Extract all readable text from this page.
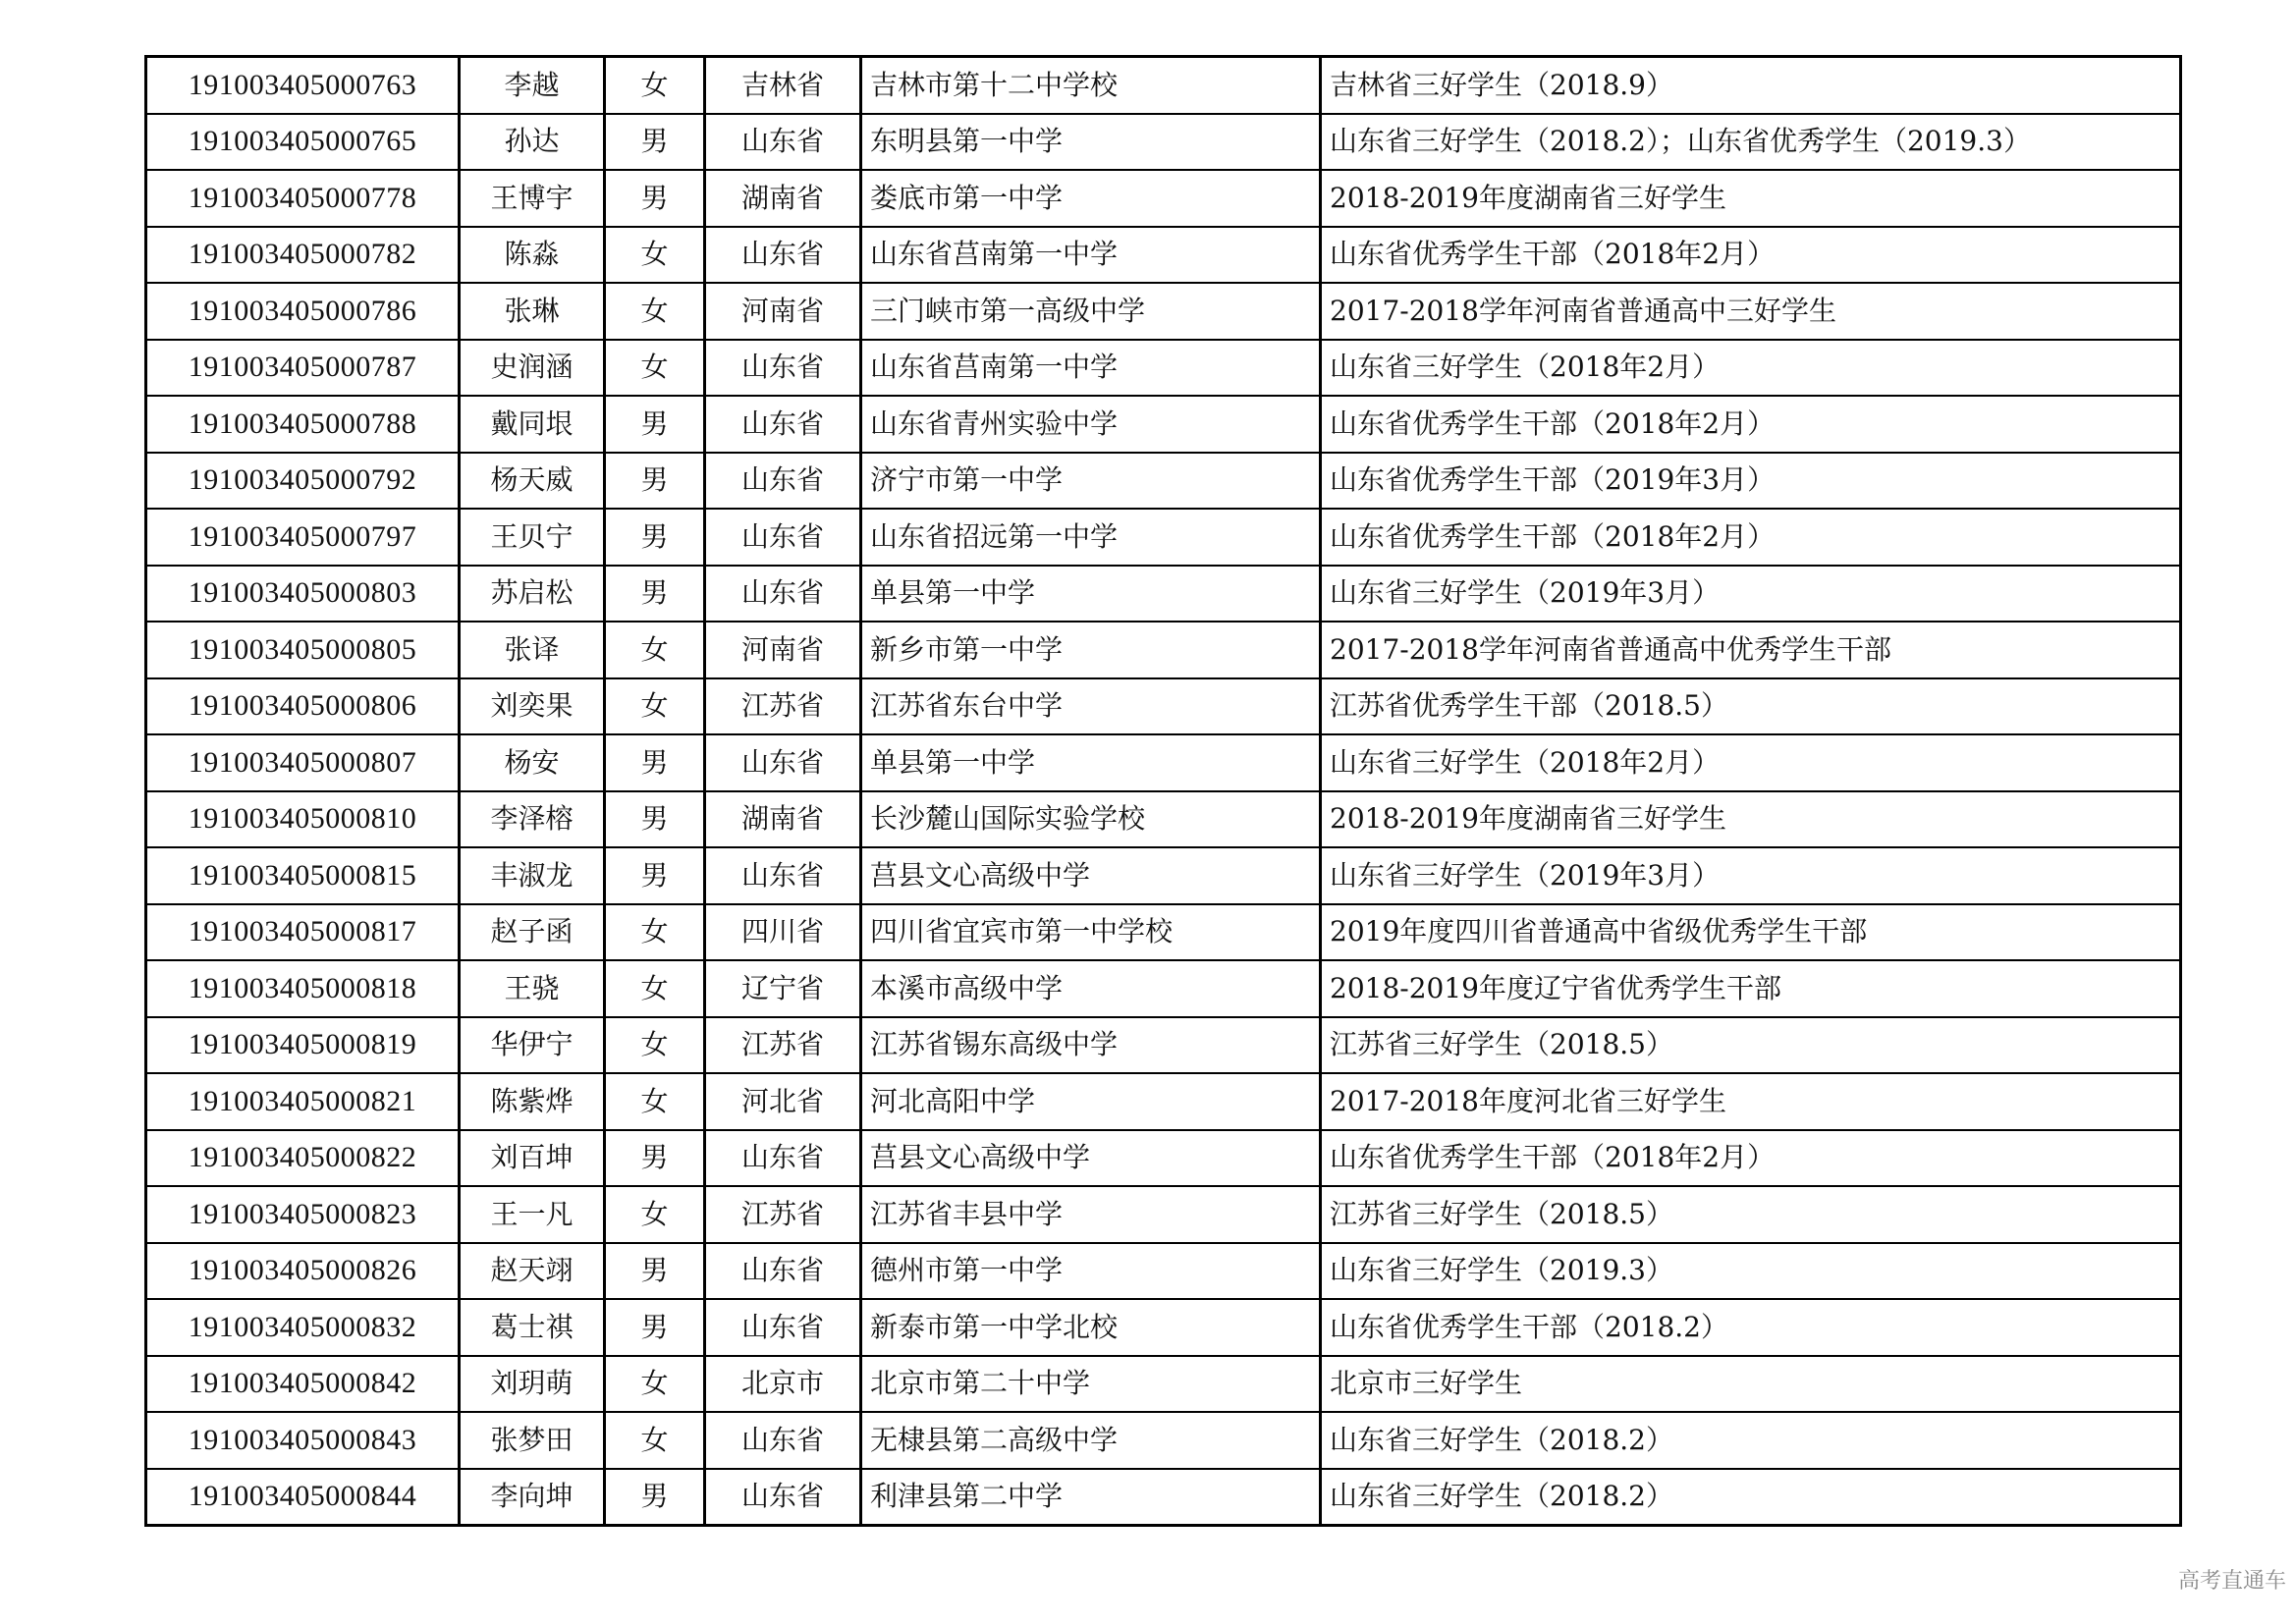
191003405000763	李越	女	吉林省	吉林市第十二中学校	吉林省三好学生（2018.9）
191003405000765	孙达	男	山东省	东明县第一中学	山东省三好学生（2018.2）；山东省优秀学生（2019.3）
191003405000778	王博宇	男	湖南省	娄底市第一中学	2018-2019年度湖南省三好学生
191003405000782	陈淼	女	山东省	山东省莒南第一中学	山东省优秀学生干部（2018年2月）
191003405000786	张琳	女	河南省	三门峡市第一高级中学	2017-2018学年河南省普通高中三好学生
191003405000787	史润涵	女	山东省	山东省莒南第一中学	山东省三好学生（2018年2月）
191003405000788	戴同垠	男	山东省	山东省青州实验中学	山东省优秀学生干部（2018年2月）
191003405000792	杨天威	男	山东省	济宁市第一中学	山东省优秀学生干部（2019年3月）
191003405000797	王贝宁	男	山东省	山东省招远第一中学	山东省优秀学生干部（2018年2月）
191003405000803	苏启松	男	山东省	单县第一中学	山东省三好学生（2019年3月）
191003405000805	张译	女	河南省	新乡市第一中学	2017-2018学年河南省普通高中优秀学生干部
191003405000806	刘奕果	女	江苏省	江苏省东台中学	江苏省优秀学生干部（2018.5）
191003405000807	杨安	男	山东省	单县第一中学	山东省三好学生（2018年2月）
191003405000810	李泽榕	男	湖南省	长沙麓山国际实验学校	2018-2019年度湖南省三好学生
191003405000815	丰淑龙	男	山东省	莒县文心高级中学	山东省三好学生（2019年3月）
191003405000817	赵子函	女	四川省	四川省宜宾市第一中学校	2019年度四川省普通高中省级优秀学生干部
191003405000818	王骁	女	辽宁省	本溪市高级中学	2018-2019年度辽宁省优秀学生干部
191003405000819	华伊宁	女	江苏省	江苏省锡东高级中学	江苏省三好学生（2018.5）
191003405000821	陈紫烨	女	河北省	河北高阳中学	2017-2018年度河北省三好学生
191003405000822	刘百坤	男	山东省	莒县文心高级中学	山东省优秀学生干部（2018年2月）
191003405000823	王一凡	女	江苏省	江苏省丰县中学	江苏省三好学生（2018.5）
191003405000826	赵天翊	男	山东省	德州市第一中学	山东省三好学生（2019.3）
191003405000832	葛士祺	男	山东省	新泰市第一中学北校	山东省优秀学生干部（2018.2）
191003405000842	刘玥萌	女	北京市	北京市第二十中学	北京市三好学生
191003405000843	张梦田	女	山东省	无棣县第二高级中学	山东省三好学生（2018.2）
191003405000844	李向坤	男	山东省	利津县第二中学	山东省三好学生（2018.2）
高考直通车
